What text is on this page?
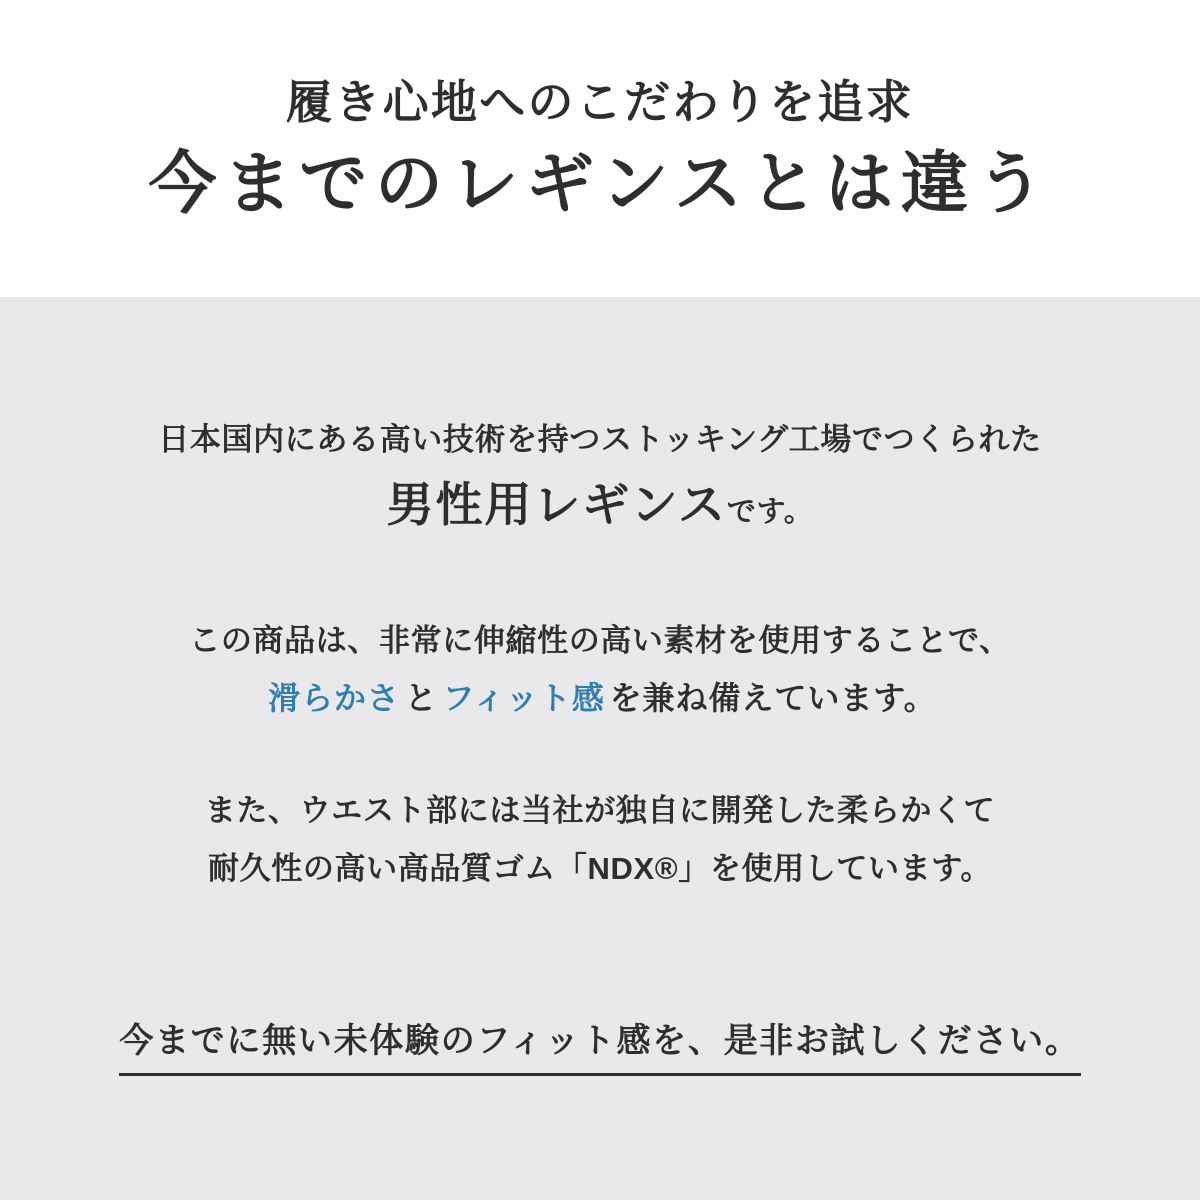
履き心地へのこだわりを追求
今までのレギンスとは違う
日本国内にある高い技術を持つストッキング工場でつくられた
男性用レギンスです。
この商品は、非常に伸縮性の高い素材を使用することで、
滑らかさ と フィット感 を兼ね備えています。
また、ウエスト部には当社が独自に開発した柔らかくて
耐久性の高い高品質ゴム「NDX®」を使用しています。
今までに無い未体験のフィット感を、是非お試しください。
